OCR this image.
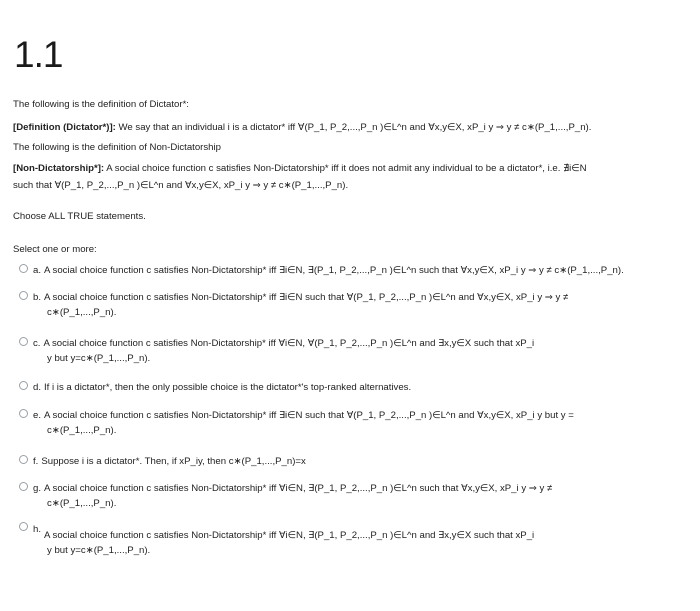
1.1
The following is the definition of Dictator*:
[Definition (Dictator*)]: We say that an individual i is a dictator* iff ∀(P_1, P_2,...,P_n )∈L^n and ∀x,y∈X, xP_i y ⇒ y ≠ c∗(P_1,...,P_n).
The following is the definition of Non-Dictatorship
[Non-Dictatorship*]: A social choice function c satisfies Non-Dictatorship* iff it does not admit any individual to be a dictator*, i.e. ∄i∈N
such that ∀(P_1, P_2,...,P_n )∈L^n and ∀x,y∈X, xP_i y ⇒ y ≠ c∗(P_1,...,P_n).
Choose ALL TRUE statements.
Select one or more:
a. A social choice function c satisfies Non-Dictatorship* iff ∃i∈N, ∃(P_1, P_2,...,P_n )∈L^n such that ∀x,y∈X, xP_i y ⇒ y ≠ c∗(P_1,...,P_n).
b. A social choice function c satisfies Non-Dictatorship* iff ∃i∈N such that ∀(P_1, P_2,...,P_n )∈L^n and ∀x,y∈X, xP_i y ⇒ y ≠
c∗(P_1,...,P_n).
c. A social choice function c satisfies Non-Dictatorship* iff ∀i∈N, ∀(P_1, P_2,...,P_n )∈L^n and ∃x,y∈X such that xP_i
y but y=c∗(P_1,...,P_n).
d. If i is a dictator*, then the only possible choice is the dictator*'s top-ranked alternatives.
e. A social choice function c satisfies Non-Dictatorship* iff ∃i∈N such that ∀(P_1, P_2,...,P_n )∈L^n and ∀x,y∈X, xP_i y but y =
c∗(P_1,...,P_n).
f. Suppose i is a dictator*. Then, if xP_iy, then c∗(P_1,...,P_n)=x
g. A social choice function c satisfies Non-Dictatorship* iff ∀i∈N, ∃(P_1, P_2,...,P_n )∈L^n such that ∀x,y∈X, xP_i y ⇒ y ≠
c∗(P_1,...,P_n).
h.A social choice function c satisfies Non-Dictatorship* iff ∀i∈N, ∃(P_1, P_2,...,P_n )∈L^n and ∃x,y∈X such that xP_i
y but y=c∗(P_1,...,P_n).
